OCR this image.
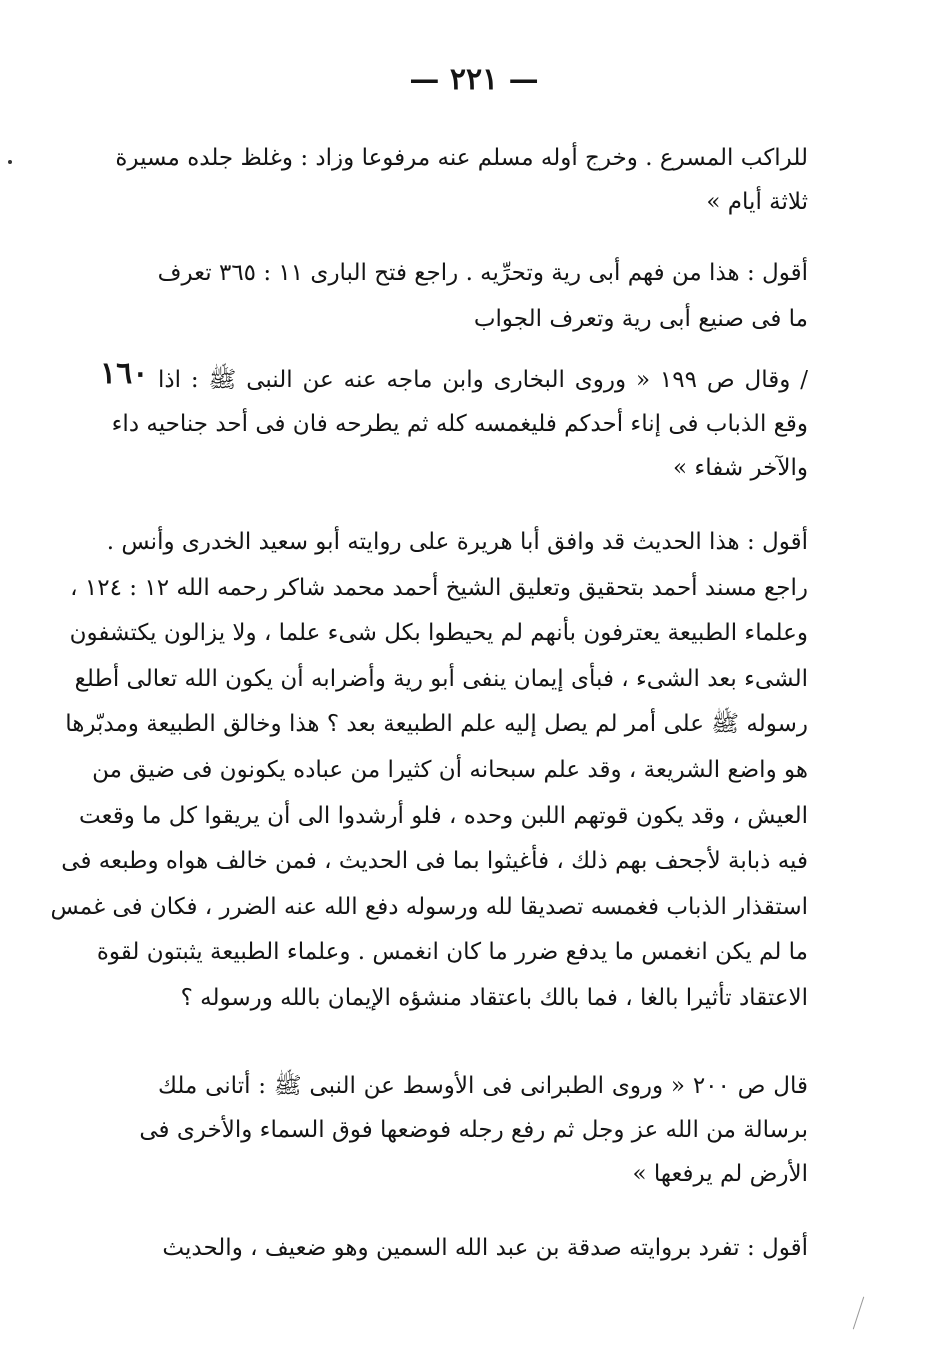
— ٢٢١ —
١٦٠
للراكب المسرع . وخرج أوله مسلم عنه مرفوعا وزاد : وغلظ جلده مسيرة
ثلاثة أيام »
أقول : هذا من فهم أبى رية وتحرِّيه . راجع فتح البارى ١١ : ٣٦٥ تعرف
ما فى صنيع أبى رية وتعرف الجواب
/ وقال ص ١٩٩ « وروى البخارى وابن ماجه عنه عن النبى ﷺ : اذا
وقع الذباب فى إناء أحدكم فليغمسه كله ثم يطرحه فان فى أحد جناحيه داء
والآخر شفاء »
أقول : هذا الحديث قد وافق أبا هريرة على روايته أبو سعيد الخدرى وأنس .
راجع مسند أحمد بتحقيق وتعليق الشيخ أحمد محمد شاكر رحمه الله ١٢ : ١٢٤ ،
وعلماء الطبيعة يعترفون بأنهم لم يحيطوا بكل شىء علما ، ولا يزالون يكتشفون
الشىء بعد الشىء ، فبأى إيمان ينفى أبو رية وأضرابه أن يكون الله تعالى أطلع
رسوله ﷺ على أمر لم يصل إليه علم الطبيعة بعد ؟ هذا وخالق الطبيعة ومدبّرها
هو واضع الشريعة ، وقد علم سبحانه أن كثيرا من عباده يكونون فى ضيق من
العيش ، وقد يكون قوتهم اللبن وحده ، فلو أرشدوا الى أن يريقوا كل ما وقعت
فيه ذبابة لأجحف بهم ذلك ، فأغيثوا بما فى الحديث ، فمن خالف هواه وطبعه فى
استقذار الذباب فغمسه تصديقا لله ورسوله دفع الله عنه الضرر ، فكان فى غمس
ما لم يكن انغمس ما يدفع ضرر ما كان انغمس . وعلماء الطبيعة يثبتون لقوة
الاعتقاد تأثيرا بالغا ، فما بالك باعتقاد منشؤه الإيمان بالله ورسوله ؟
قال ص ٢٠٠ « وروى الطبرانى فى الأوسط عن النبى ﷺ : أتانى ملك
برسالة من الله عز وجل ثم رفع رجله فوضعها فوق السماء والأخرى فى
الأرض لم يرفعها »
أقول : تفرد بروايته صدقة بن عبد الله السمين وهو ضعيف ، والحديث
